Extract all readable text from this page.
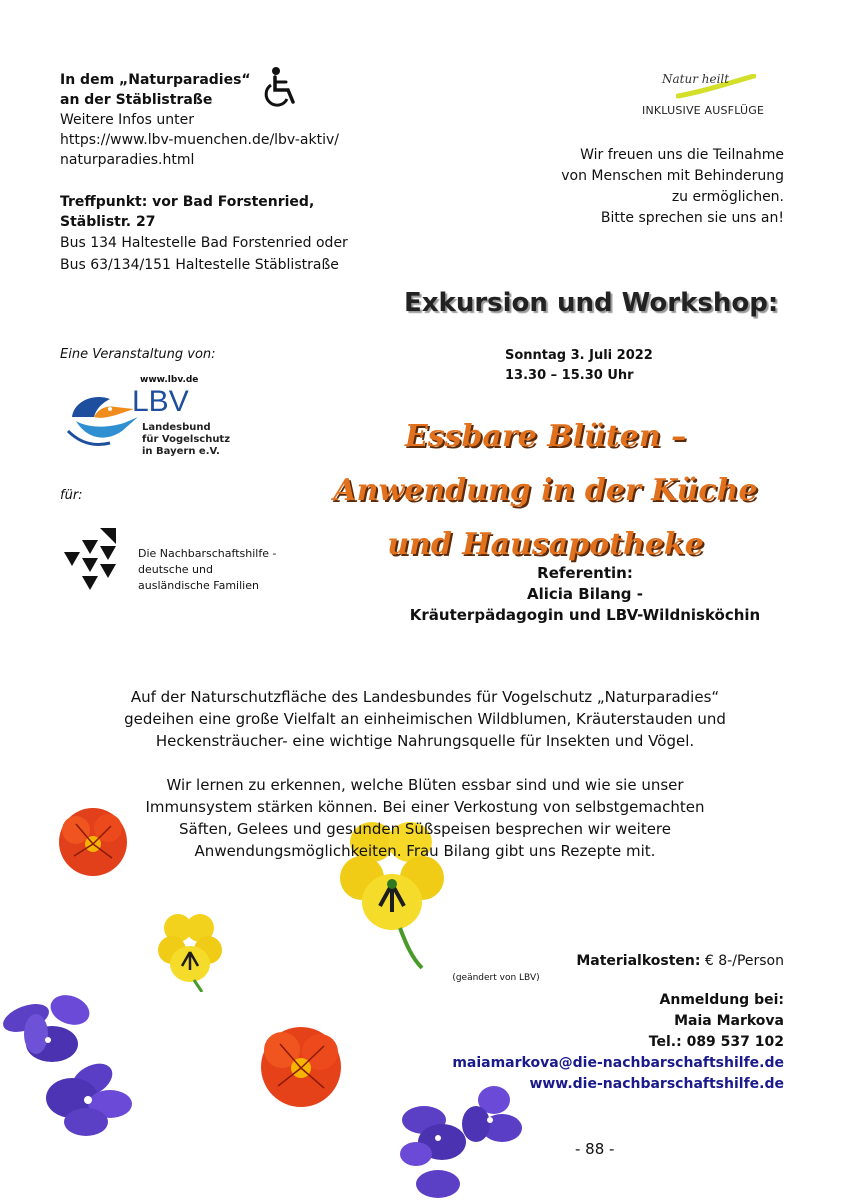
In dem „Naturparadies“
an der Stäblistraße
Weitere Infos unter
https://www.lbv-muenchen.de/lbv-aktiv/
naturparadies.html
Treffpunkt: vor Bad Forstenried,
Stäblistr. 27
Bus 134 Haltestelle Bad Forstenried oder
Bus 63/134/151 Haltestelle Stäblistraße
Natur heilt
INKLUSIVE AUSFLÜGE
Wir freuen uns die Teilnahme
von Menschen mit Behinderung
zu ermöglichen.
Bitte sprechen sie uns an!
Exkursion und Workshop:
Sonntag 3. Juli 2022
13.30 – 15.30 Uhr
Eine Veranstaltung von:
www.lbv.de
LBV
Landesbund
für Vogelschutz
in Bayern e.V.
für:
Die Nachbarschaftshilfe -
deutsche und
ausländische Familien
Essbare Blüten –
Anwendung in der Küche
und Hausapotheke
Referentin:
Alicia Bilang -
Kräuterpädagogin und LBV-Wildnisköchin
Auf der Naturschutzfläche des Landesbundes für Vogelschutz „Naturparadies“
gedeihen eine große Vielfalt an einheimischen Wildblumen, Kräuterstauden und
Heckensträucher- eine wichtige Nahrungsquelle für Insekten und Vögel.
Wir lernen zu erkennen, welche Blüten essbar sind und wie sie unser
Immunsystem stärken können. Bei einer Verkostung von selbstgemachten
Säften, Gelees und gesunden Süßspeisen besprechen wir weitere
Anwendungsmöglichkeiten. Frau Bilang gibt uns Rezepte mit.
Materialkosten: € 8-/Person
(geändert von LBV)
Anmeldung bei:
Maia Markova
Tel.: 089 537 102
maiamarkova@die-nachbarschaftshilfe.de
www.die-nachbarschaftshilfe.de
- 88 -
